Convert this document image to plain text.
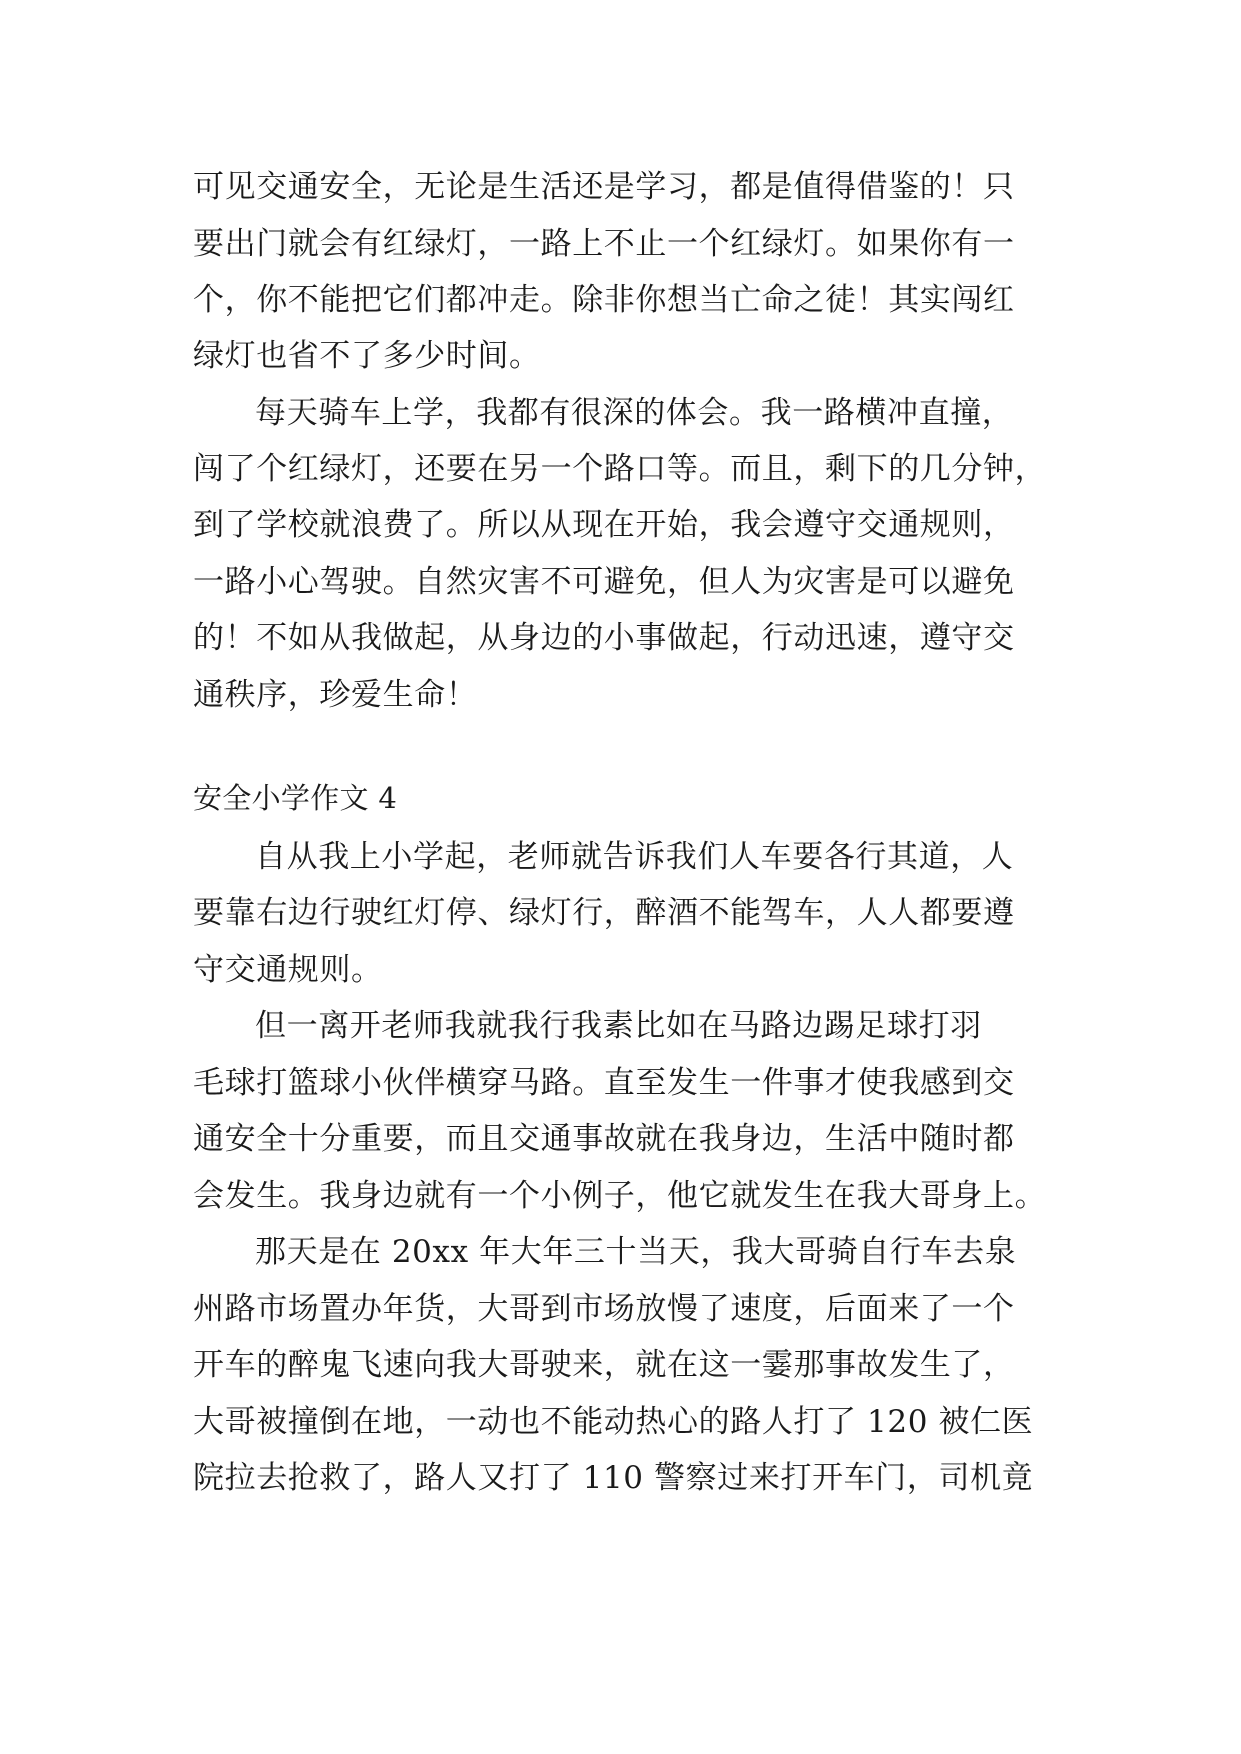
可见交通安全，无论是生活还是学习，都是值得借鉴的！只
要出门就会有红绿灯，一路上不止一个红绿灯。如果你有一
个，你不能把它们都冲走。除非你想当亡命之徒！其实闯红
绿灯也省不了多少时间。
每天骑车上学，我都有很深的体会。我一路横冲直撞，
闯了个红绿灯，还要在另一个路口等。而且，剩下的几分钟，
到了学校就浪费了。所以从现在开始，我会遵守交通规则，
一路小心驾驶。自然灾害不可避免，但人为灾害是可以避免
的！不如从我做起，从身边的小事做起，行动迅速，遵守交
通秩序，珍爱生命！
安全小学作文 4
自从我上小学起，老师就告诉我们人车要各行其道，人
要靠右边行驶红灯停、绿灯行，醉酒不能驾车，人人都要遵
守交通规则。
但一离开老师我就我行我素比如在马路边踢足球打羽
毛球打篮球小伙伴横穿马路。直至发生一件事才使我感到交
通安全十分重要，而且交通事故就在我身边，生活中随时都
会发生。我身边就有一个小例子，他它就发生在我大哥身上。
那天是在 20xx 年大年三十当天，我大哥骑自行车去泉
州路市场置办年货，大哥到市场放慢了速度，后面来了一个
开车的醉鬼飞速向我大哥驶来，就在这一霎那事故发生了，
大哥被撞倒在地，一动也不能动热心的路人打了 120 被仁医
院拉去抢救了，路人又打了 110 警察过来打开车门，司机竟
